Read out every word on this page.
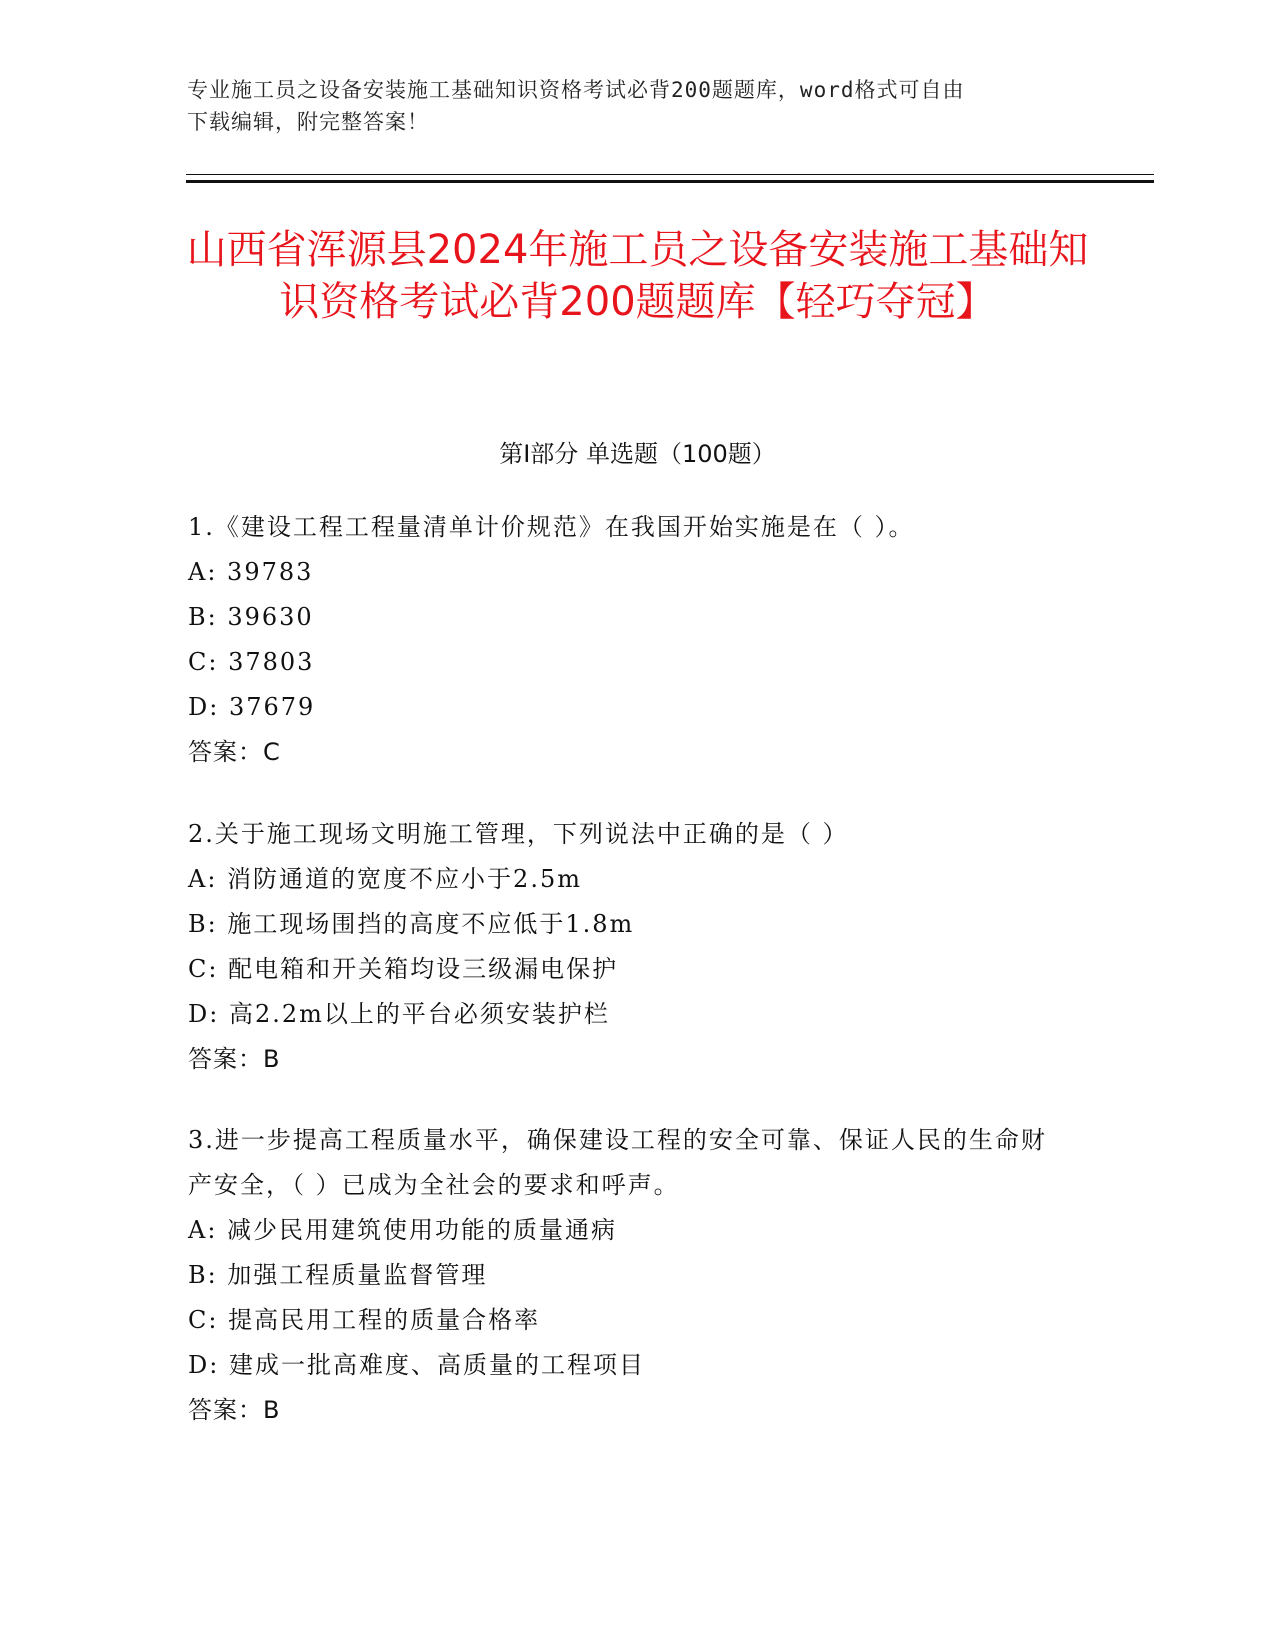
专业施工员之设备安装施工基础知识资格考试必背200题题库，word格式可自由
下载编辑，附完整答案！
山西省浑源县2024年施工员之设备安装施工基础知识资格考试必背200题题库【轻巧夺冠】
第Ⅰ部分 单选题（100题）
1.《建设工程工程量清单计价规范》在我国开始实施是在（ ）。
A: 39783
B: 39630
C: 37803
D: 37679
答案：C
2.关于施工现场文明施工管理，下列说法中正确的是（ ）
A: 消防通道的宽度不应小于2.5m
B: 施工现场围挡的高度不应低于1.8m
C: 配电箱和开关箱均设三级漏电保护
D: 高2.2m以上的平台必须安装护栏
答案：B
3.进一步提高工程质量水平，确保建设工程的安全可靠、保证人民的生命财产安全，（ ）已成为全社会的要求和呼声。
A: 减少民用建筑使用功能的质量通病
B: 加强工程质量监督管理
C: 提高民用工程的质量合格率
D: 建成一批高难度、高质量的工程项目
答案：B
